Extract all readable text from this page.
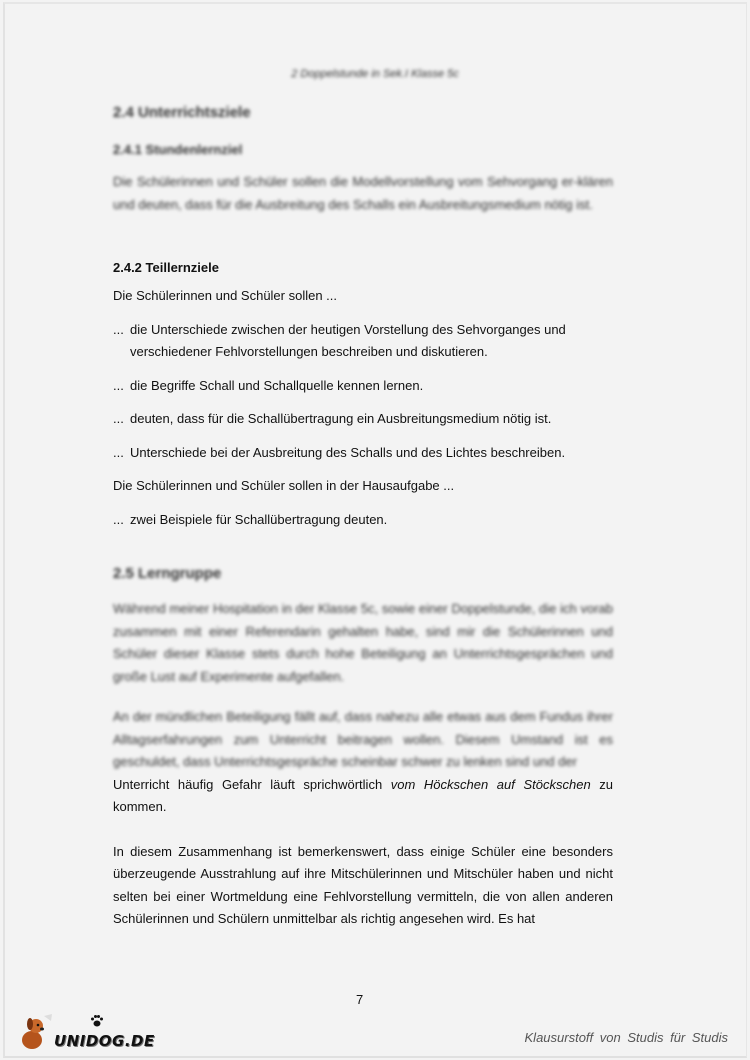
2 Doppelstunde in Sek.I Klasse 5c
2.4 Unterrichtsziele
2.4.1 Stundenlernziel

Die Schülerinnen und Schüler sollen die Modellvorstellung vom Sehvorgang er-klären und deuten, dass für die Ausbreitung des Schalls ein Ausbreitungsmedium nötig ist.

2.4.2 Teillernziele

Die Schülerinnen und Schüler sollen ...

... die Unterschiede zwischen der heutigen Vorstellung des Sehvorganges und verschiedener Fehlvorstellungen beschreiben und diskutieren.
... die Begriffe Schall und Schallquelle kennen lernen.
... deuten, dass für die Schallübertragung ein Ausbreitungsmedium nötig ist.
... Unterschiede bei der Ausbreitung des Schalls und des Lichtes beschreiben.

Die Schülerinnen und Schüler sollen in der Hausaufgabe ...

... zwei Beispiele für Schallübertragung deuten.
2.5 Lerngruppe

Während meiner Hospitation in der Klasse 5c, sowie einer Doppelstunde, die ich vorab zusammen mit einer Referendarin gehalten habe, sind mir die Schülerinnen und Schüler dieser Klasse stets durch hohe Beteiligung an Unterrichtsgesprächen und große Lust auf Experimente aufgefallen.

An der mündlichen Beteiligung fällt auf, dass nahezu alle etwas aus dem Fundus ihrer Alltagserfahrungen zum Unterricht beitragen wollen. Diesem Umstand ist es geschuldet, dass Unterrichtsgespräche scheinbar schwer zu lenken sind und der

Unterricht häufig Gefahr läuft sprichwörtlich vom Höckschen auf Stöckschen zu

kommen.

In diesem Zusammenhang ist bemerkenswert, dass einige Schüler eine besonders überzeugende Ausstrahlung auf ihre Mitschülerinnen und Mitschüler haben und nicht selten bei einer Wortmeldung eine Fehlvorstellung vermitteln, die von allen anderen Schülerinnen und Schülern unmittelbar als richtig angesehen wird. Es hat

7
UNIDOG.DE	Klausurstoff von Studis für Studis
